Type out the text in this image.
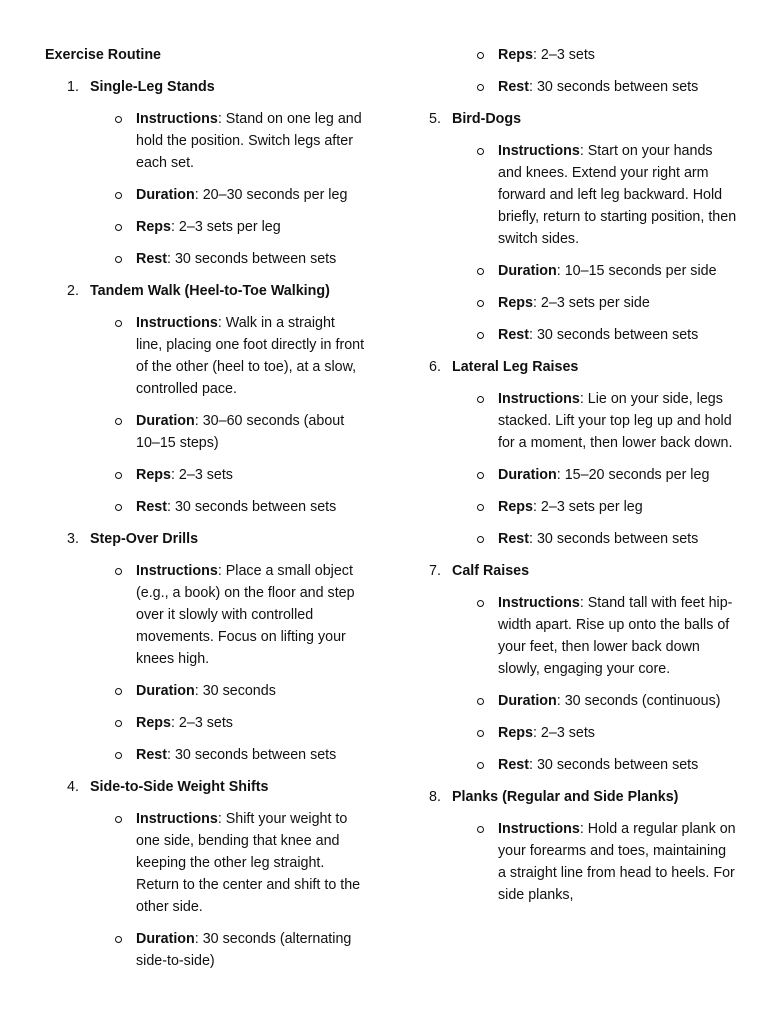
Exercise Routine
1. Single-Leg Stands
Instructions: Stand on one leg and hold the position. Switch legs after each set.
Duration: 20–30 seconds per leg
Reps: 2–3 sets per leg
Rest: 30 seconds between sets
2. Tandem Walk (Heel-to-Toe Walking)
Instructions: Walk in a straight line, placing one foot directly in front of the other (heel to toe), at a slow, controlled pace.
Duration: 30–60 seconds (about 10–15 steps)
Reps: 2–3 sets
Rest: 30 seconds between sets
3. Step-Over Drills
Instructions: Place a small object (e.g., a book) on the floor and step over it slowly with controlled movements. Focus on lifting your knees high.
Duration: 30 seconds
Reps: 2–3 sets
Rest: 30 seconds between sets
4. Side-to-Side Weight Shifts
Instructions: Shift your weight to one side, bending that knee and keeping the other leg straight. Return to the center and shift to the other side.
Duration: 30 seconds (alternating side-to-side)
Reps: 2–3 sets
Rest: 30 seconds between sets
5. Bird-Dogs
Instructions: Start on your hands and knees. Extend your right arm forward and left leg backward. Hold briefly, return to starting position, then switch sides.
Duration: 10–15 seconds per side
Reps: 2–3 sets per side
Rest: 30 seconds between sets
6. Lateral Leg Raises
Instructions: Lie on your side, legs stacked. Lift your top leg up and hold for a moment, then lower back down.
Duration: 15–20 seconds per leg
Reps: 2–3 sets per leg
Rest: 30 seconds between sets
7. Calf Raises
Instructions: Stand tall with feet hip-width apart. Rise up onto the balls of your feet, then lower back down slowly, engaging your core.
Duration: 30 seconds (continuous)
Reps: 2–3 sets
Rest: 30 seconds between sets
8. Planks (Regular and Side Planks)
Instructions: Hold a regular plank on your forearms and toes, maintaining a straight line from head to heels. For side planks,
